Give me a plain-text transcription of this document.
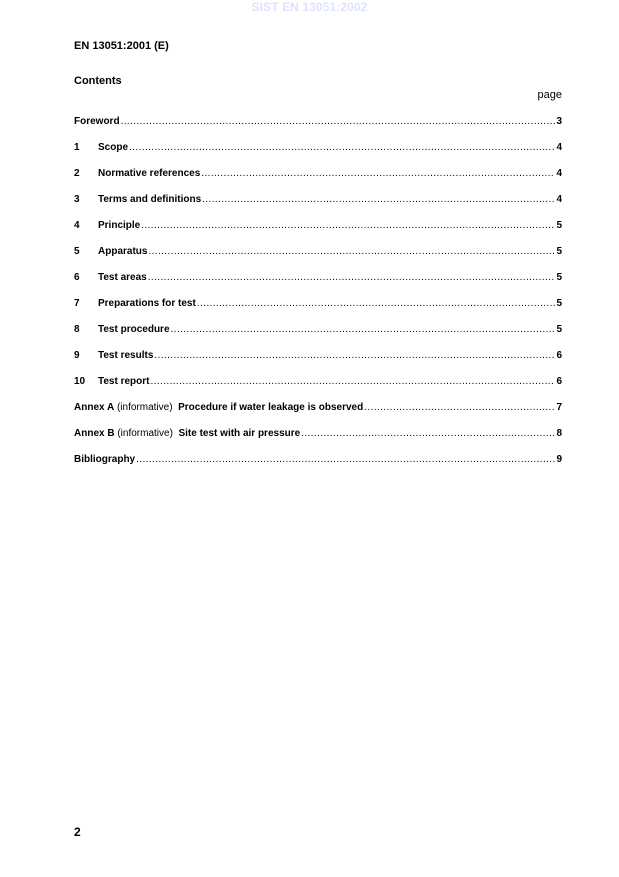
SIST EN 13051:2002
EN 13051:2001 (E)
Contents
page
Foreword .....	3
1	Scope .....	4
2	Normative references .....	4
3	Terms and definitions .....	4
4	Principle .....	5
5	Apparatus .....	5
6	Test areas .....	5
7	Preparations for test .....	5
8	Test procedure .....	5
9	Test results .....	6
10	Test report .....	6
Annex A (informative) Procedure if water leakage is observed .....	7
Annex B (informative) Site test with air pressure .....	8
Bibliography .....	9
2
